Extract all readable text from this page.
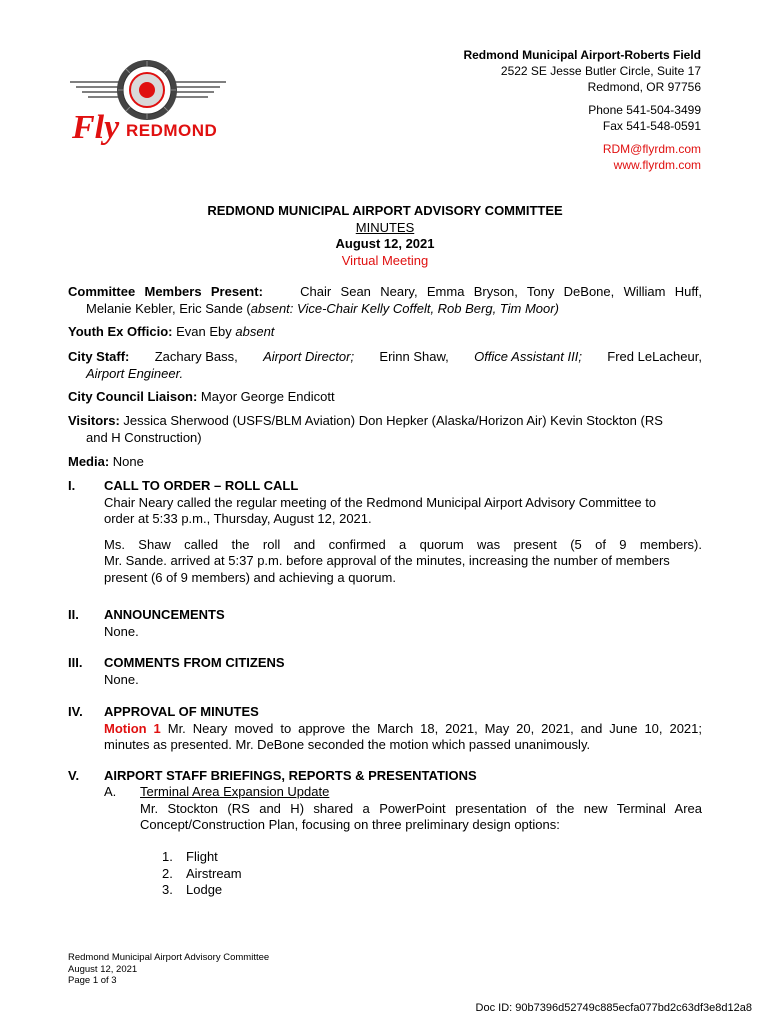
Fly REDMOND
Redmond Municipal Airport-Roberts Field
2522 SE Jesse Butler Circle, Suite 17
Redmond, OR 97756
Phone 541-504-3499
Fax 541-548-0591
RDM@flyrdm.com
www.flyrdm.com
REDMOND MUNICIPAL AIRPORT ADVISORY COMMITTEE
MINUTES
August 12, 2021
Virtual Meeting
Committee Members Present:	Chair Sean Neary, Emma Bryson, Tony DeBone, William Huff,
Melanie Kebler, Eric Sande (absent: Vice-Chair Kelly Coffelt, Rob Berg, Tim Moor)
Youth Ex Officio: Evan Eby absent
City Staff: Zachary Bass, Airport Director; Erinn Shaw, Office Assistant III; Fred LeLacheur,
Airport Engineer.
City Council Liaison: Mayor George Endicott
Visitors: Jessica Sherwood (USFS/BLM Aviation) Don Hepker (Alaska/Horizon Air) Kevin Stockton (RS
and H Construction)
Media: None
I. CALL TO ORDER – ROLL CALL
Chair Neary called the regular meeting of the Redmond Municipal Airport Advisory Committee to
order at 5:33 p.m., Thursday, August 12, 2021.
Ms. Shaw called the roll and confirmed a quorum was present (5 of 9 members).
Mr. Sande. arrived at 5:37 p.m. before approval of the minutes, increasing the number of members
present (6 of 9 members) and achieving a quorum.
II. ANNOUNCEMENTS
None.
III. COMMENTS FROM CITIZENS
None.
IV. APPROVAL OF MINUTES
Motion 1 Mr. Neary moved to approve the March 18, 2021, May 20, 2021, and June 10, 2021;
minutes as presented. Mr. DeBone seconded the motion which passed unanimously.
V. AIRPORT STAFF BRIEFINGS, REPORTS & PRESENTATIONS
A. Terminal Area Expansion Update
Mr. Stockton (RS and H) shared a PowerPoint presentation of the new Terminal Area
Concept/Construction Plan, focusing on three preliminary design options:
1. Flight
2. Airstream
3. Lodge
Redmond Municipal Airport Advisory Committee
August 12, 2021
Page 1 of 3
Doc ID: 90b7396d52749c885ecfa077bd2c63df3e8d12a8
